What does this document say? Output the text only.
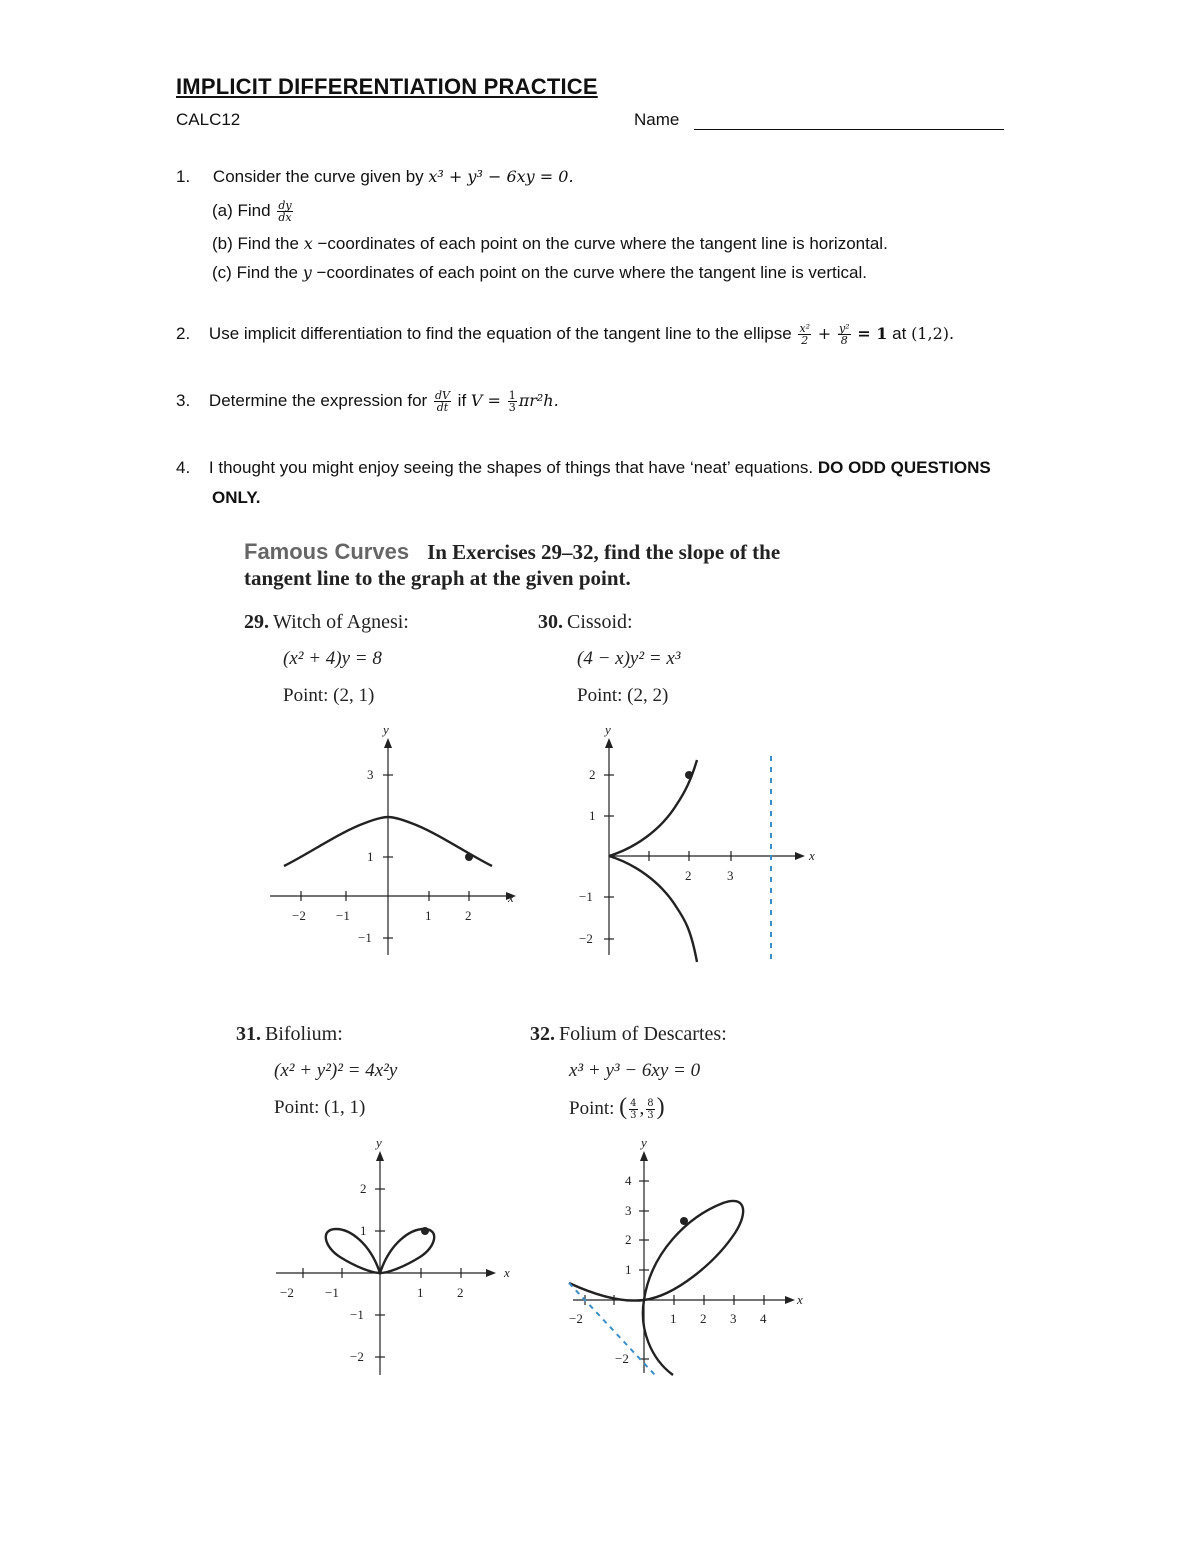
IMPLICIT DIFFERENTIATION PRACTICE
CALC12	Name
1. Consider the curve given by x³ + y³ − 6xy = 0.
(a) Find $\frac{dy}{dx}$
(b) Find the x −coordinates of each point on the curve where the tangent line is horizontal.
(c) Find the y −coordinates of each point on the curve where the tangent line is vertical.
2. Use implicit differentiation to find the equation of the tangent line to the ellipse $\frac{\text{x²}}{2} + \frac{\text{y²}}{8} = 1$ at (1,2).
3. Determine the expression for $\frac{dV}{dt}$ if $V = \frac{1}{3} \pi r^2h$.
4. I thought you might enjoy seeing the shapes of things that have ‘neat’ equations. DO ODD QUESTIONS
ONLY.
Famous Curves In Exercises 29–32, find the slope of the
tangent line to the graph at the given point.
29. Witch of Agnesi:
(x² + 4)y = 8
Point: (2, 1)
30. Cissoid:
(4 − x)y² = x³
Point: (2, 2)
31. Bifolium:
(x² + y²)² = 4x²y
Point: (1, 1)
32. Folium of Descartes:
x³ + y³ − 6xy = 0
Point: ( $\frac{4}{3}$ , $\frac{8}{3}$ )
y
x
−2 −1	1	2
3
1
−1
y
x
2	3
2
1
−1
−2
y
x
−2 −1	1	2
2
1
−1
−2
y
x
−2	1 2 3 4
4
3
2
1
−2
